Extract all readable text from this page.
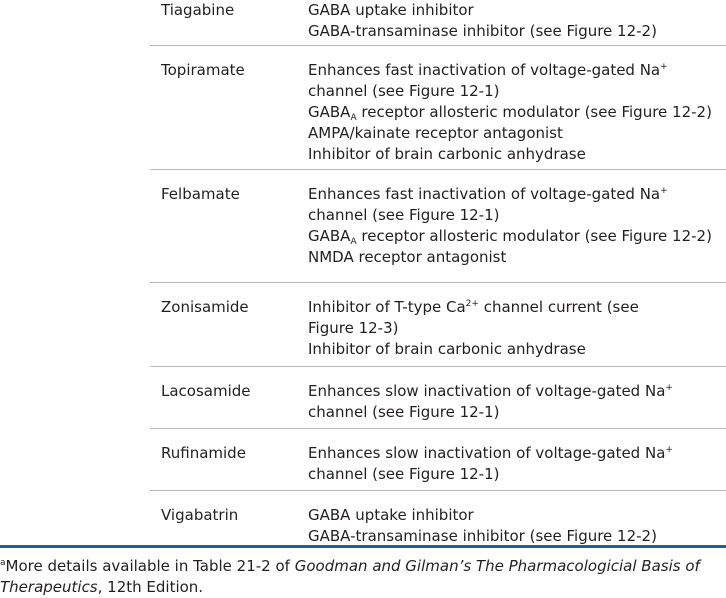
Tiagabine	GABA uptake inhibitor
GABA-transaminase inhibitor (see Figure 12-2)
Topiramate	Enhances fast inactivation of voltage-gated Na+
channel (see Figure 12-1)
$GABA_A$ receptor allosteric modulator (see Figure 12-2)
AMPA/kainate receptor antagonist
Inhibitor of brain carbonic anhydrase
Felbamate	Enhances fast inactivation of voltage-gated Na+
channel (see Figure 12-1)
$GABA_A$ receptor allosteric modulator (see Figure 12-2)
NMDA receptor antagonist
Zonisamide	Inhibitor of T-type $Ca^{2+}$ channel current (see
Figure 12-3)
Inhibitor of brain carbonic anhydrase
Lacosamide	Enhances slow inactivation of voltage-gated Na+
channel (see Figure 12-1)
Rufinamide	Enhances slow inactivation of voltage-gated Na+
channel (see Figure 12-1)
Vigabatrin	GABA uptake inhibitor
GABA-transaminase inhibitor (see Figure 12-2)
$^a$More details available in Table 21-2 of Goodman and Gilman’s The Pharmacologicial Basis of Therapeutics, 12th Edition.
